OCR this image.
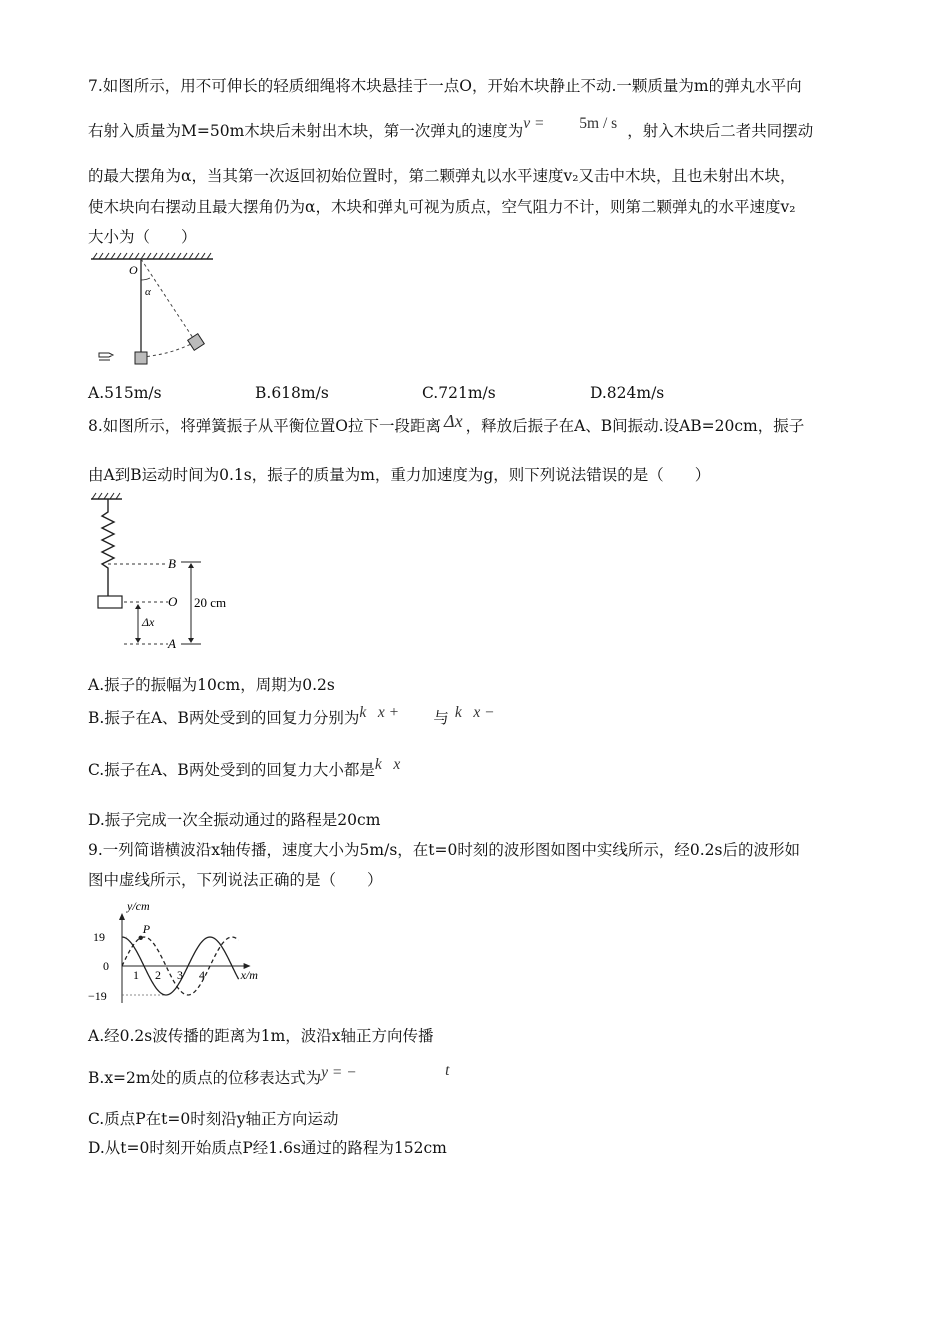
7.如图所示，用不可伸长的轻质细绳将木块悬挂于一点O，开始木块静止不动.一颗质量为m的弹丸水平向
右射入质量为M=50m木块后未射出木块，第一次弹丸的速度为v = 5m / s ，射入木块后二者共同摆动
的最大摆角为α，当其第一次返回初始位置时，第二颗弹丸以水平速度v₂又击中木块，且也未射出木块，
使木块向右摆动且最大摆角仍为α，木块和弹丸可视为质点，空气阻力不计，则第二颗弹丸的水平速度v₂
大小为（　　）
O
α
A.515m/s	B.618m/s	C.721m/s	D.824m/s
8.如图所示，将弹簧振子从平衡位置O拉下一段距离 Δx ，释放后振子在A、B间振动.设AB=20cm，振子
由A到B运动时间为0.1s，振子的质量为m，重力加速度为g，则下列说法错误的是（　　）
B
O
A
Δx
20 cm
A.振子的振幅为10cm，周期为0.2s
B.振子在A、B两处受到的回复力分别为k   x + 与 k   x −
C.振子在A、B两处受到的回复力大小都是k   x
D.振子完成一次全振动通过的路程是20cm
9.一列简谐横波沿x轴传播，速度大小为5m/s，在t=0时刻的波形图如图中实线所示，经0.2s后的波形如
图中虚线所示，下列说法正确的是（　　）
1 2 3 4
19
0
−19
y/cm
x/m
P
A.经0.2s波传播的距离为1m，波沿x轴正方向传播
B.x=2m处的质点的位移表达式为y = −	t
C.质点P在t=0时刻沿y轴正方向运动
D.从t=0时刻开始质点P经1.6s通过的路程为152cm
